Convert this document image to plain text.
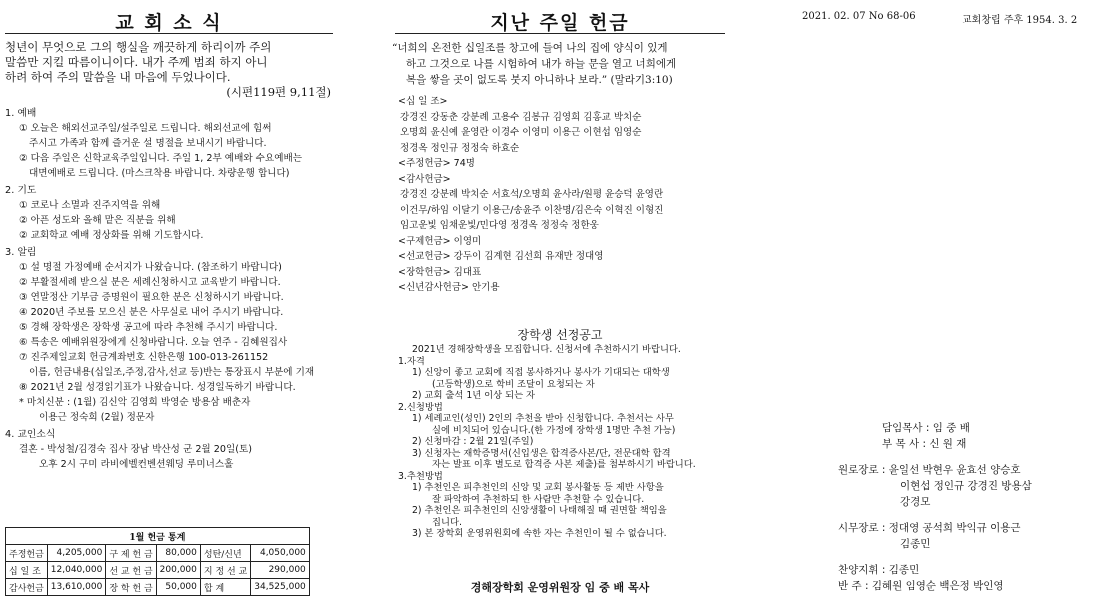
교 회 소 식
청년이 무엇으로 그의 행실을 깨끗하게 하리이까 주의
말씀만 지킬 따름이니이다. 내가 주께 범죄 하지 아니
하려 하여 주의 말씀을 내 마음에 두었나이다.
(시편119편 9,11절)
1. 예배
① 오늘은 해외선교주일/설주일로 드립니다. 해외선교에 힘써
주시고 가족과 함께 즐거운 설 명절을 보내시기 바랍니다.
② 다음 주일은 신학교육주일입니다. 주일 1, 2부 예배와 수요예배는
대면예배로 드립니다. (마스크착용 바랍니다. 차량운행 합니다)
2. 기도
① 코로나 소멸과 진주지역을 위해
② 아픈 성도와 올해 맡은 직분을 위해
② 교회학교 예배 정상화를 위해 기도합시다.
3. 알림
① 설 명절 가정예배 순서지가 나왔습니다. (참조하기 바랍니다)
② 부활절세례 받으실 분은 세례신청하시고 교육받기 바랍니다.
③ 연말정산 기부금 증명원이 필요한 분은 신청하시기 바랍니다.
④ 2020년 주보를 모으신 분은 사무실로 내어 주시기 바랍니다.
⑤ 경해 장학생은 장학생 공고에 따라 추천해 주시기 바랍니다.
⑥ 특송은 예배위원장에게 신청바랍니다. 오늘 연주 - 김혜원집사
⑦ 진주제일교회 헌금계좌번호 신한은행 100-013-261152
이름, 헌금내용(십일조,주정,감사,선교 등)반는 통장표시 부분에 기재
⑧ 2021년 2월 성경읽기표가 나왔습니다. 성경일독하기 바랍니다.
* 마치신분 : (1월) 김신악 김영희 박영순 방용삼 배춘자
이용근 정숙희 (2월) 정문자
4. 교인소식
결혼 - 박성철/김경숙 집사 장남 박산성 군 2월 20일(토)
오후 2시 구미 라비에벨컨벤션웨딩 루미너스홀
1월 헌금 통계					
주정헌금	4,205,000	구 제 헌 금	80,000	성탄/신년	4,050,000
십 일 조	12,040,000	선 교 헌 금	200,000	지 정 선 교	290,000
감사헌금	13,610,000	장 학 헌 금	50,000	합 계	34,525,000
지난 주일 헌금
“너희의 온전한 십일조를 창고에 들여 나의 집에 양식이 있게
하고 그것으로 나를 시험하여 내가 하늘 문을 열고 너희에게
복을 쌓을 곳이 없도록 붓지 아니하나 보라.” (말라기3:10)
<십 일 조>
강경진 강동춘 강분례 고용수 김봉규 김영희 김홍교 박치순
오명희 윤신예 윤영란 이경수 이영미 이용근 이현섭 임영순
정경옥 정인규 정정숙 하효순
<주정헌금> 74명
<감사헌금>
강경진 강분례 박치순 서효석/오명희 윤사라/원평 윤승덕 윤영란
이건무/하임 이달기 이용근/송윤주 이찬명/김은숙 이혁진 이형진
임고운빛 임채운빛/민다영 정경옥 정정숙 정한웅
<구제헌금> 이영미
<선교헌금> 강두이 김계현 김선희 유재만 정대영
<장학헌금> 김대표
<신년감사헌금> 안기용
장학생 선정공고
2021년 경해장학생을 모집합니다. 신청서에 추천하시기 바랍니다.
1.자격
1) 신앙이 좋고 교회에 직접 봉사하거나 봉사가 기대되는 대학생
(고등학생)으로 학비 조달이 요청되는 자
2) 교회 출석 1년 이상 되는 자
2.신청방법
1) 세례교인(성인) 2인의 추천을 받아 신청합니다. 추천서는 사무
실에 비치되어 있습니다.(한 가정에 장학생 1명만 추천 가능)
2) 신청마감 : 2월 21일(주일)
3) 신청자는 재학증명서(신입생은 합격증사본/단, 전문대학 합격
자는 발표 이후 별도로 합격증 사본 제출)를 첨부하시기 바랍니다.
3.추천방법
1) 추천인은 피추천인의 신앙 및 교회 봉사활동 등 제반 사항을
잘 파악하여 추천하되 한 사람만 추천할 수 있습니다.
2) 추천인은 피추천인의 신앙생활이 나태해질 때 권면할 책임을
집니다.
3) 본 장학회 운영위원회에 속한 자는 추천인이 될 수 없습니다.
경해장학회 운영위원장 임 중 배 목사
2021. 02. 07 No 68-06	교회창립 주후 1954. 3. 2
담임목사 : 임 중 배
부 목 사 : 신 원 재
원로장로 : 윤일선 박현우 윤효선 양승호
이현섭 정인규 강경진 방용삼
강경모
시무장로 : 정대영 공석희 박익규 이용근
김종민
찬양지휘 : 김종민
반 주 : 김혜원 임영순 백은정 박인영
